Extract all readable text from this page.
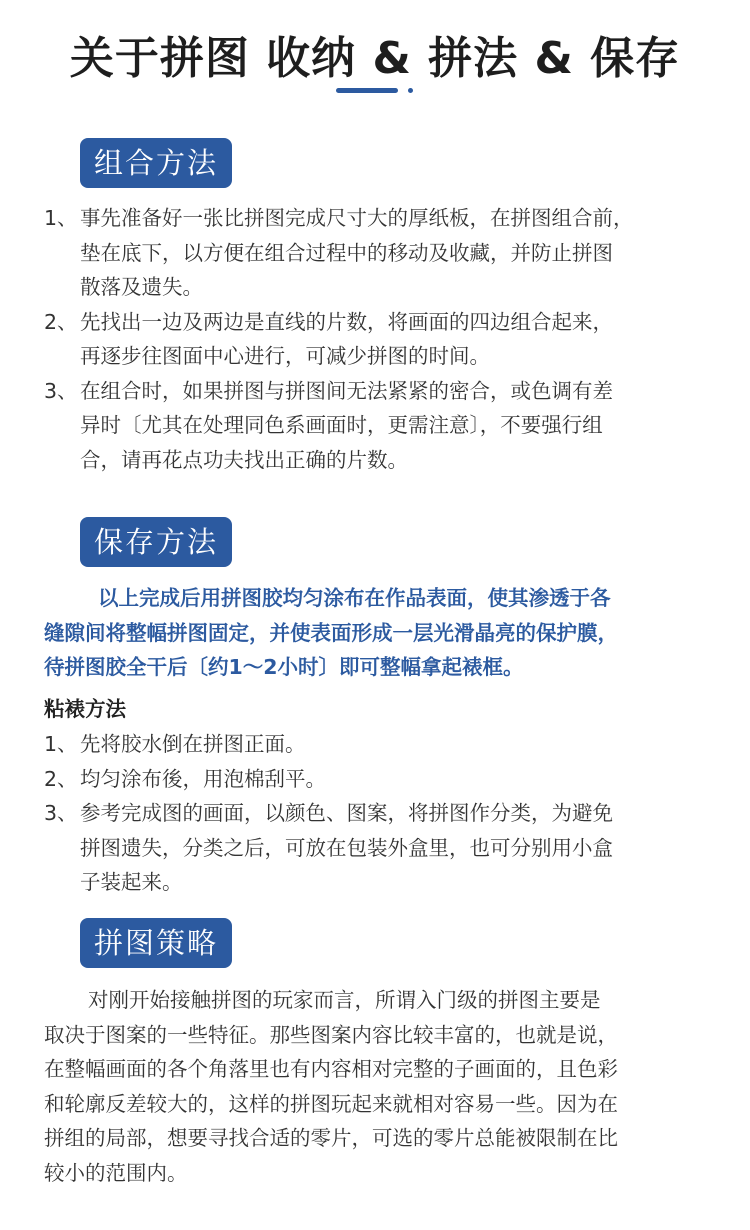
关于拼图 收纳 & 拼法 & 保存
组合方法
1、 事先准备好一张比拼图完成尺寸大的厚纸板，在拼图组合前，
垫在底下，以方便在组合过程中的移动及收藏，并防止拼图
散落及遗失。
2、 先找出一边及两边是直线的片数，将画面的四边组合起来，
再逐步往图面中心进行，可减少拼图的时间。
3、 在组合时，如果拼图与拼图间无法紧紧的密合，或色调有差
异时〔尤其在处理同色系画面时，更需注意〕，不要强行组
合，请再花点功夫找出正确的片数。
保存方法
以上完成后用拼图胶均匀涂布在作品表面，使其渗透于各
缝隙间将整幅拼图固定，并使表面形成一层光滑晶亮的保护膜，
待拼图胶全干后〔约1～2小时〕即可整幅拿起裱框。
粘裱方法
1、 先将胶水倒在拼图正面。
2、 均匀涂布後，用泡棉刮平。
3、 参考完成图的画面，以颜色、图案，将拼图作分类，为避免
拼图遗失，分类之后，可放在包装外盒里，也可分别用小盒
子装起来。
拼图策略
对刚开始接触拼图的玩家而言，所谓入门级的拼图主要是
取决于图案的一些特征。那些图案内容比较丰富的，也就是说，
在整幅画面的各个角落里也有内容相对完整的子画面的，且色彩
和轮廓反差较大的，这样的拼图玩起来就相对容易一些。因为在
拼组的局部，想要寻找合适的零片，可选的零片总能被限制在比
较小的范围内。
